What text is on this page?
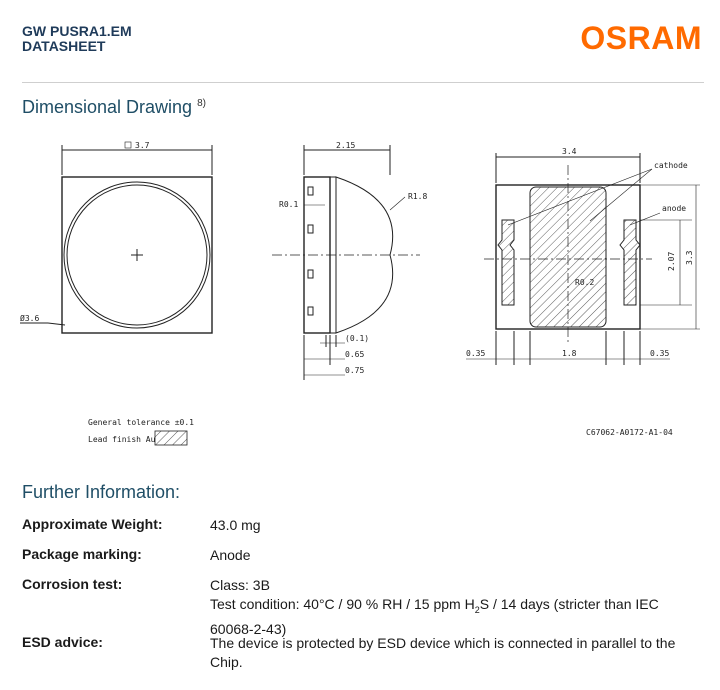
GW PUSRA1.EM
DATASHEET	OSRAM
Dimensional Drawing $^{8)}$
3.7
Ø3.6
2.15
R0.1
R1.8
(0.1)
0.65
0.75
3.4
cathode
anode
R0.2
2.07 3.3
0.35	1.8	0.35
General tolerance ±0.1
Lead finish Au
C67062-A0172-A1-04
Further Information:
Approximate Weight:	43.0 mg
Package marking:	Anode
Corrosion test:	Class: 3B
Test condition: 40°C / 90 % RH / 15 ppm $H_2S / 14$ days (stricter than IEC 60068-2-43)
ESD advice:	The device is protected by ESD device which is connected in parallel to the Chip.
